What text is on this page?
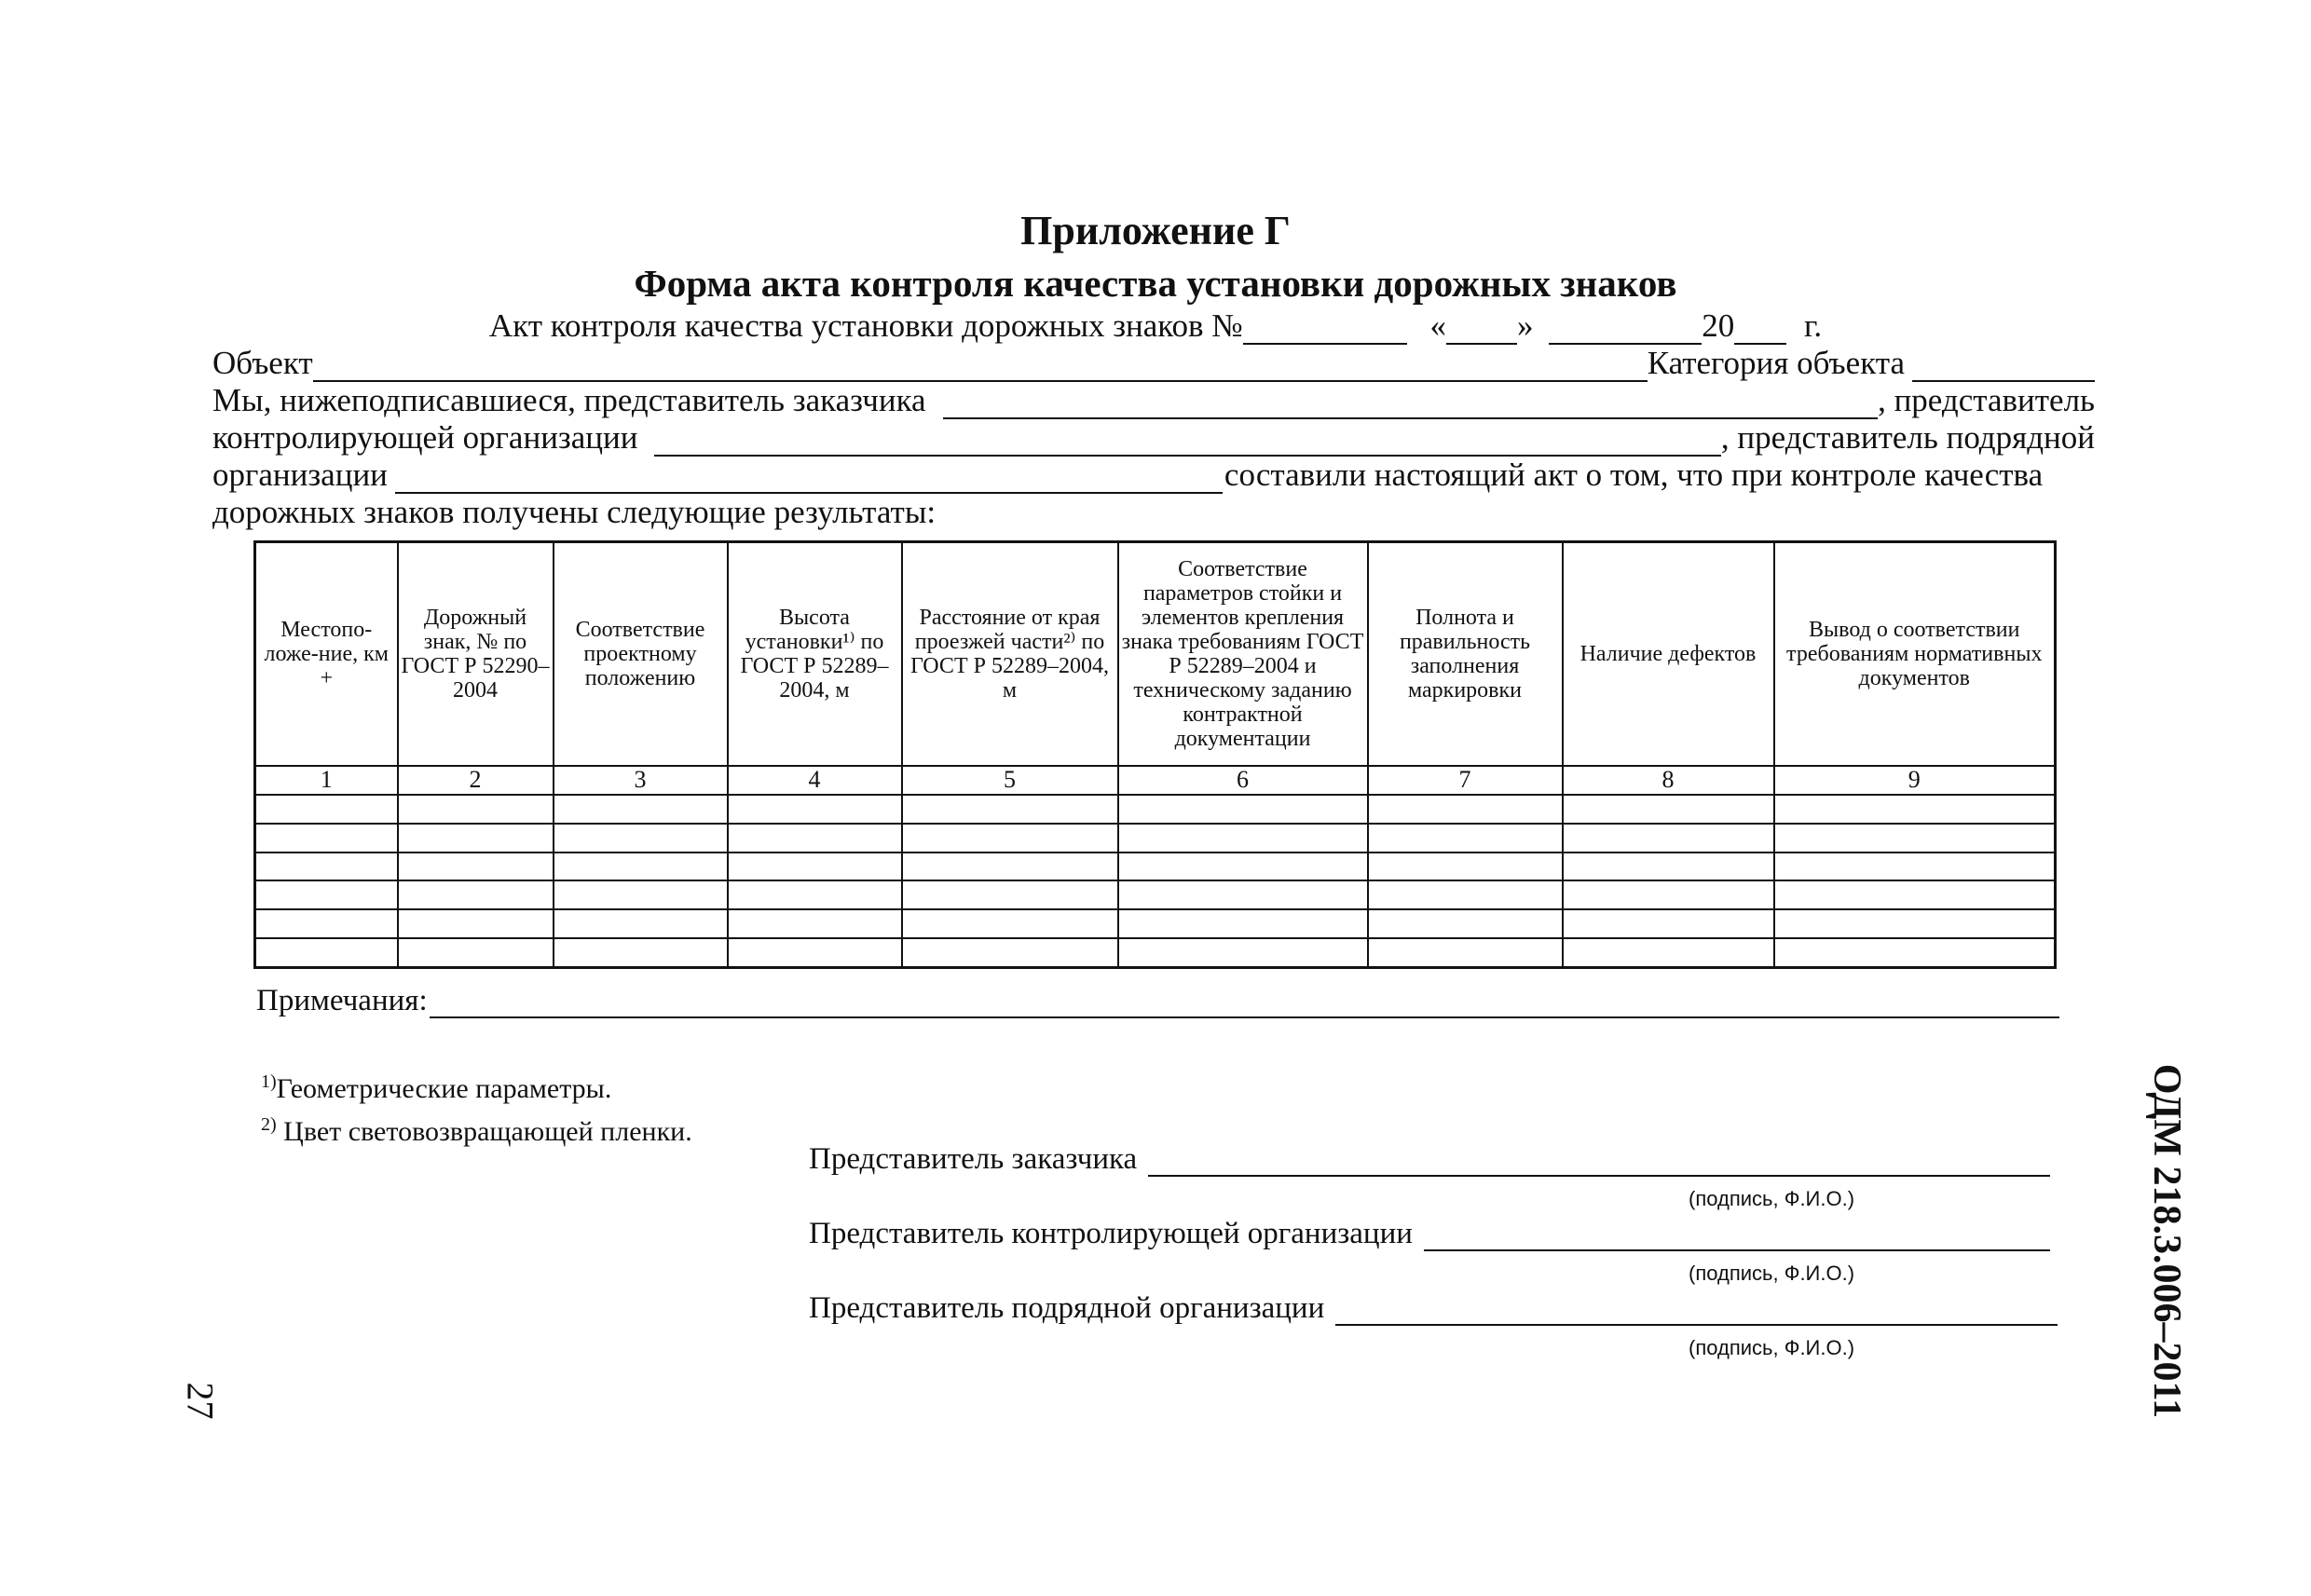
Приложение Г
Форма акта контроля качества установки дорожных знаков
Акт контроля качества установки дорожных знаков №	« »	20 г.
Объект	Категория объекта
Мы, нижеподписавшиеся, представитель заказчика	, представитель
контролирующей организации	, представитель подрядной
организации	составили настоящий акт о том, что при контроле качества
дорожных знаков получены следующие результаты:
Местопо-ложе-ние, км +	Дорожный знак, № по ГОСТ Р 52290–2004	Соответствие проектному положению	Высота установки¹⁾ по ГОСТ Р 52289–2004, м	Расстояние от края проезжей части²⁾ по ГОСТ Р 52289–2004, м	Соответствие параметров стойки и элементов крепления знака требованиям ГОСТ Р 52289–2004 и техническому заданию контрактной документации	Полнота и правильность заполнения маркировки	Наличие дефектов	Вывод о соответствии требованиям нормативных документов
1	2	3	4	5	6	7	8	9

Примечания:
$^{1)}$Геометрические параметры.
$^{2)}$ Цвет световозвращающей пленки.
Представитель заказчика
(подпись, Ф.И.О.)
Представитель контролирующей организации
(подпись, Ф.И.О.)
Представитель подрядной организации
(подпись, Ф.И.О.)	ОДМ 218.3.006–2011
27
